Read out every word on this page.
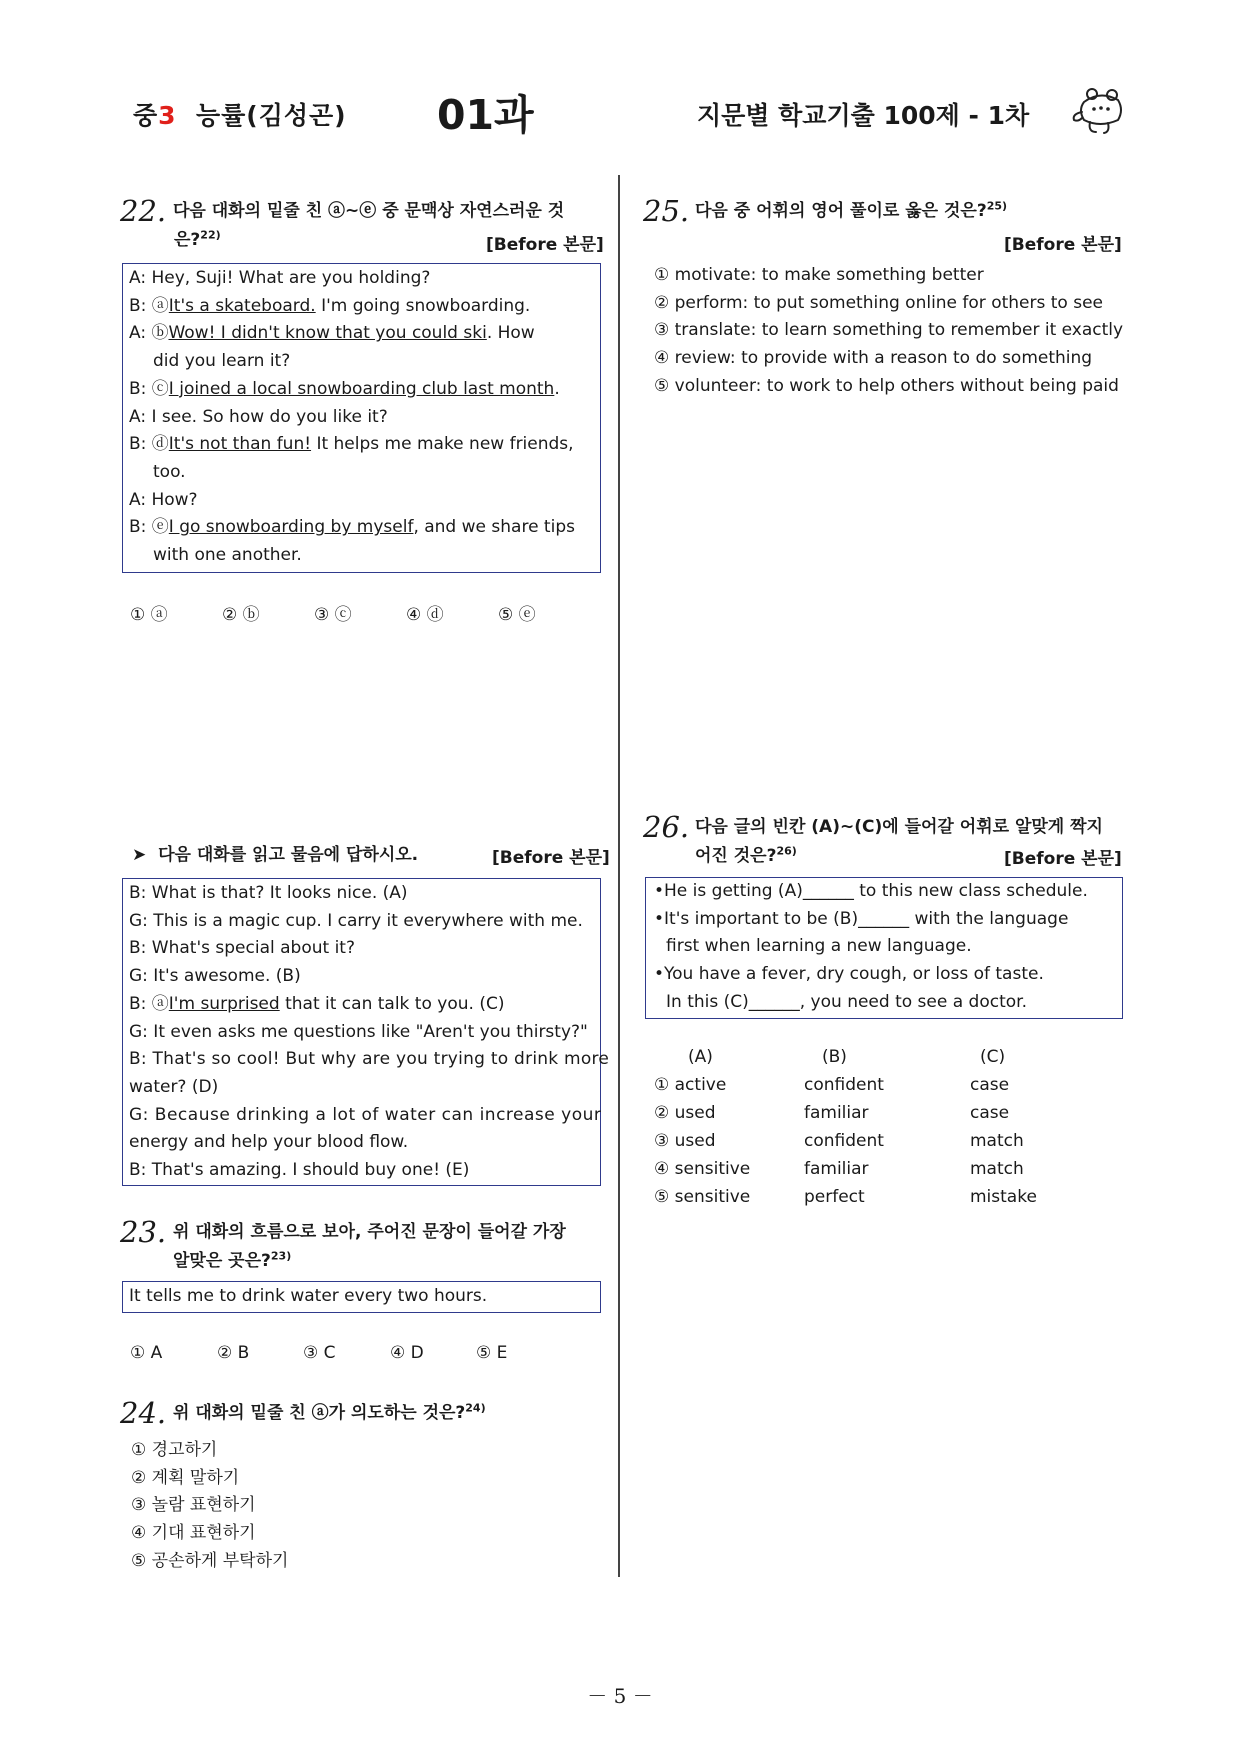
중3 능률(김성곤) 01과	지문별 학교기출 100제 - 1차
22. 다음 대화의 밑줄 친 ⓐ~ⓔ 중 문맥상 자연스러운 것
은?$^{22)}$
[Before 본문]
A: Hey, Suji! What are you holding?
B: ⓐIt's a skateboard. I'm going snowboarding.
A: ⓑWow! I didn't know that you could ski. How
did you learn it?
B: ⓒI joined a local snowboarding club last month.
A: I see. So how do you like it?
B: ⓓIt's not than fun! It helps me make new friends,
too.
A: How?
B: ⓔI go snowboarding by myself, and we share tips
with one another.
① ⓐ	② ⓑ	③ ⓒ	④ ⓓ	⑤ ⓔ
➤ 다음 대화를 읽고 물음에 답하시오.	[Before 본문]
B: What is that? It looks nice. (A)
G: This is a magic cup. I carry it everywhere with me.
B: What's special about it?
G: It's awesome. (B)
B: ⓐI'm surprised that it can talk to you. (C)
G: It even asks me questions like "Aren't you thirsty?"
B: That's so cool! But why are you trying to drink more
water? (D)
G: Because drinking a lot of water can increase your
energy and help your blood flow.
B: That's amazing. I should buy one! (E)
23. 위 대화의 흐름으로 보아, 주어진 문장이 들어갈 가장
알맞은 곳은?$^{23)}$
It tells me to drink water every two hours.
① A	② B	③ C	④ D	⑤ E
24. 위 대화의 밑줄 친 ⓐ가 의도하는 것은?$^{24)}$
① 경고하기
② 계획 말하기
③ 놀람 표현하기
④ 기대 표현하기
⑤ 공손하게 부탁하기
25. 다음 중 어휘의 영어 풀이로 옳은 것은?$^{25)}$
[Before 본문]
① motivate: to make something better
② perform: to put something online for others to see
③ translate: to learn something to remember it exactly
④ review: to provide with a reason to do something
⑤ volunteer: to work to help others without being paid
26. 다음 글의 빈칸 (A)~(C)에 들어갈 어휘로 알맞게 짝지
어진 것은?$^{26)}$	[Before 본문]
•He is getting (A)______ to this new class schedule.
•It's important to be (B)______ with the language
first when learning a new language.
•You have a fever, dry cough, or loss of taste.
In this (C)______, you need to see a doctor.
(A)	(B)	(C)
① active	confident	case
② used	familiar	case
③ used	confident	match
④ sensitive	familiar	match
⑤ sensitive	perfect	mistake
－ 5 －
